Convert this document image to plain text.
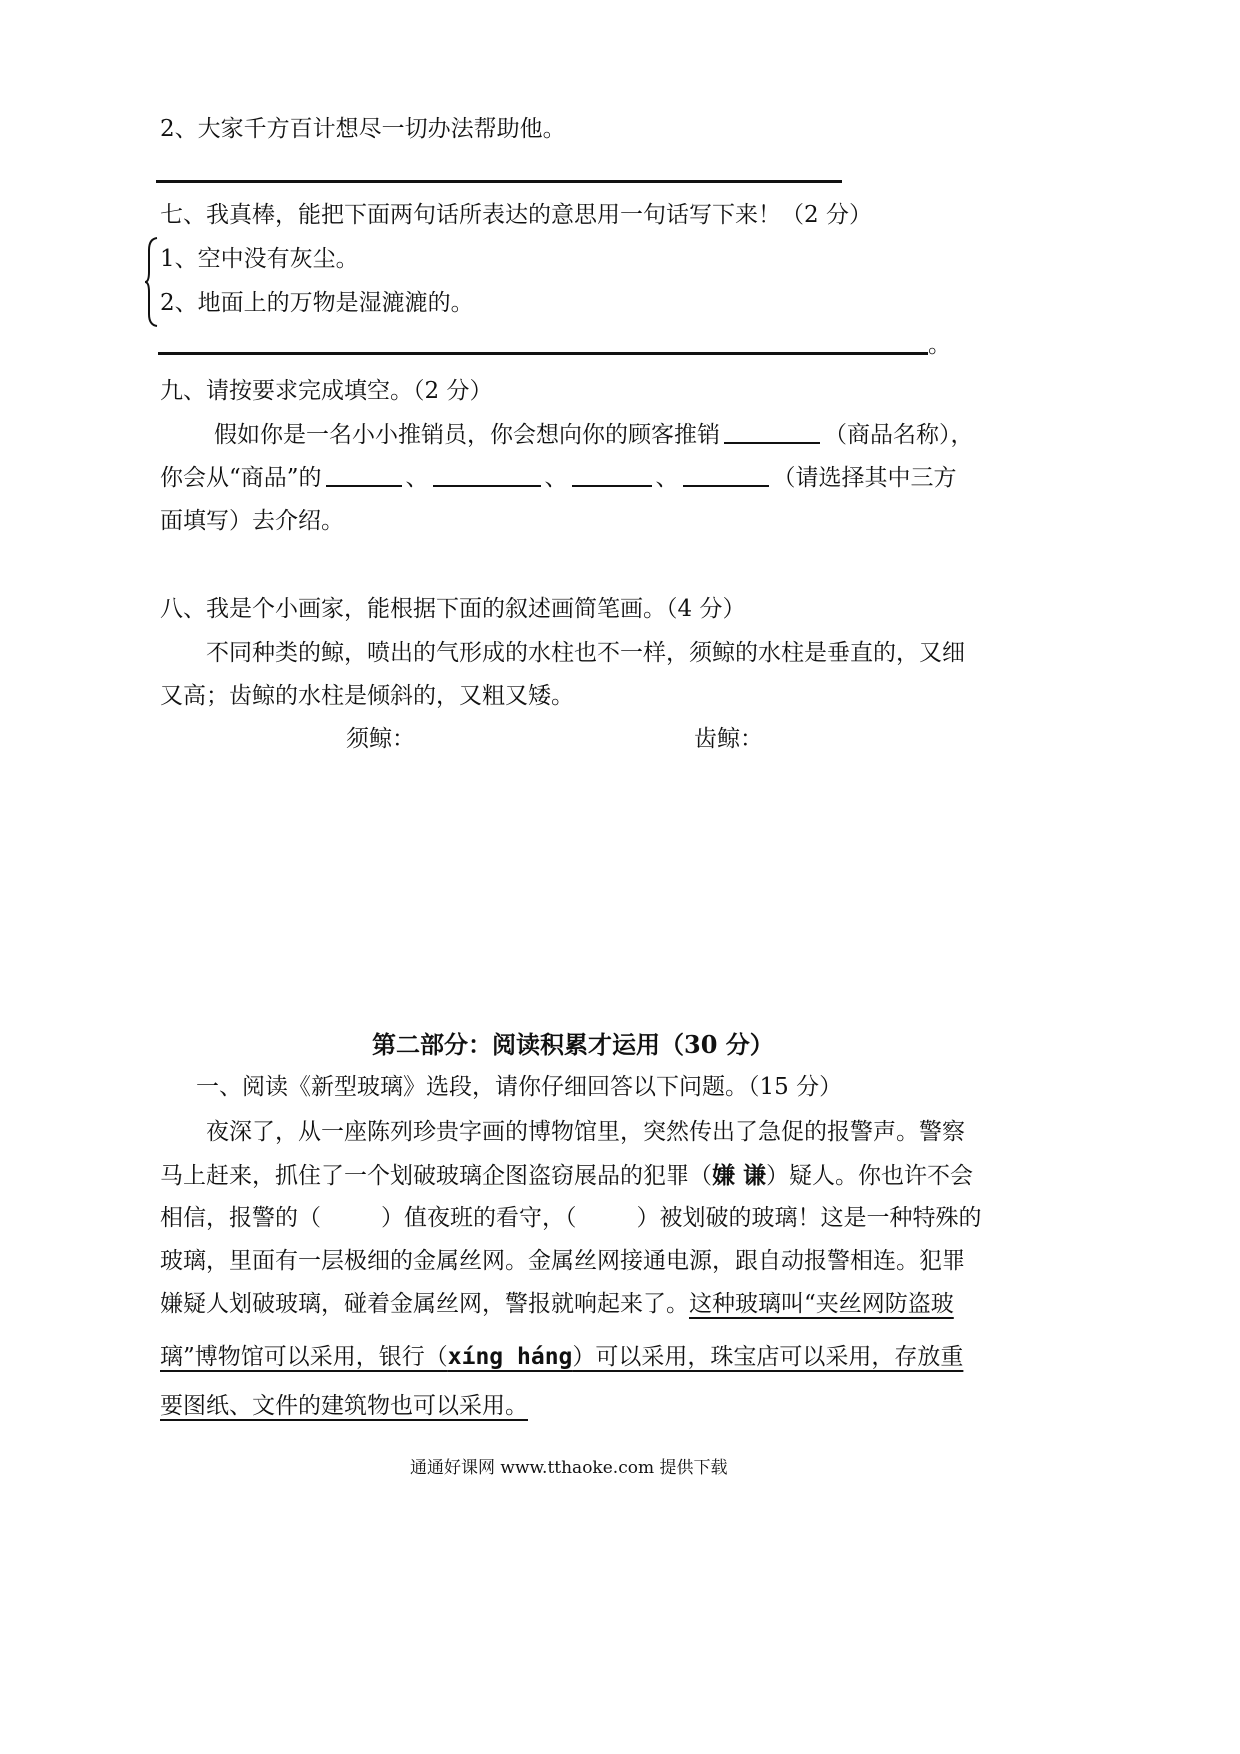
2、大家千方百计想尽一切办法帮助他。
七、我真棒，能把下面两句话所表达的意思用一句话写下来！（2 分）
1、空中没有灰尘。
2、地面上的万物是湿漉漉的。
。
九、请按要求完成填空。（2 分）
假如你是一名小小推销员，你会想向你的顾客推销	（商品名称），
你会从“商品”的	、	、	、	（请选择其中三方
面填写）去介绍。
八、我是个小画家，能根据下面的叙述画简笔画。（4 分）
不同种类的鲸，喷出的气形成的水柱也不一样，须鲸的水柱是垂直的，又细
又高；齿鲸的水柱是倾斜的，又粗又矮。
须鲸：	齿鲸：
第二部分：阅读积累才运用（30 分）
一、阅读《新型玻璃》选段，请你仔细回答以下问题。（15 分）
夜深了，从一座陈列珍贵字画的博物馆里，突然传出了急促的报警声。警察
马上赶来，抓住了一个划破玻璃企图盗窃展品的犯罪（嫌 谦）疑人。你也许不会
相信，报警的（	）值夜班的看守，（	）被划破的玻璃！这是一种特殊的
玻璃，里面有一层极细的金属丝网。金属丝网接通电源，跟自动报警相连。犯罪
嫌疑人划破玻璃，碰着金属丝网，警报就响起来了。这种玻璃叫“夹丝网防盗玻
璃”博物馆可以采用，银行（xíng háng）可以采用，珠宝店可以采用，存放重
要图纸、文件的建筑物也可以采用。
通通好课网 www.tthaoke.com 提供下载
